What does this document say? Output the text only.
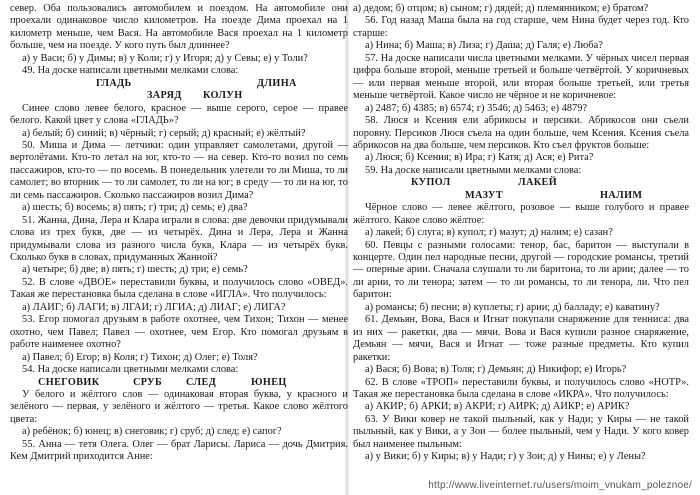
север. Оба пользовались автомобилем и поездом. На автомобиле они проехали одинаковое число километров. На поезде Дима проехал на 1 километр меньше, чем Вася. На автомобиле Вася проехал на 1 километр больше, чем на поезде. У кого путь был длиннее?

а) у Васи; б) у Димы; в) у Коли; г) у Игоря; д) у Севы; е) у Толи?

49. На доске написали цветными мелками слова:

ГЛАДЬ	ДЛИНА
ЗАРЯД КОЛУН

Синее слово левее белого, красное — выше серого, серое — правее белого. Какой цвет у слова «ГЛАДЬ»?

а) белый; б) синий; в) чёрный; г) серый; д) красный; е) жёлтый?

50. Миша и Дима — летчики: один управляет самолетами, другой — вертолётами. Кто-то летал на юг, кто-то — на север. Кто-то возил по семь пассажиров, кто-то — по восемь. В понедельник улетели то ли Миша, то ли самолет; во вторник — то ли самолет, то ли на юг; в среду — то ли на юг, то ли семь пассажиров. Сколько пассажиров возил Дима?

а) шесть; б) восемь; в) пять; г) три; д) семь; е) два?

51. Жанна, Дина, Лера и Клара играли в слова: две девочки придумывали слова из трех букв, две — из четырёх. Дина и Лера, Лера и Жанна придумывали слова из разного числа букв, Клара — из четырёх букв. Сколько букв в словах, придуманных Жанной?

а) четыре; б) две; в) пять; г) шесть; д) три; е) семь?

52. В слове «ДВОЕ» переставили буквы, и получилось слово «ОВЕД». Такая же перестановка была сделана в слове «ИГЛА». Что получилось:

а) ЛАИГ; б) ЛАГИ; в) ЛГАИ; г) ЛГИА; д) ЛИАГ; е) ЛИГА?

53. Егор помогал друзьям в работе охотнее, чем Тихон; Тихон — менее охотно, чем Павел; Павел — охотнее, чем Егор. Кто помогал друзьям в работе наименее охотно?

а) Павел; б) Егор; в) Коля; г) Тихон; д) Олег; е) Толя?

54. На доске написали цветными мелками слова:

СНЕГОВИК	СРУБ СЛЕД	ЮНЕЦ

У белого и жёлтого слов — одинаковая вторая буква, у красного и зелёного — первая, у зелёного и жёлтого — третья. Какое слово жёлтого цвета:

а) ребёнок; б) юнец; в) снеговик; г) сруб; д) след; е) сапог?

55. Анна — тетя Олега. Олег — брат Ларисы. Лариса — дочь Дмитрия. Кем Дмитрий приходится Анне:

а) дедом; б) отцом; в) сыном; г) дядей; д) племянником; е) братом?

56. Год назад Маша была на год старше, чем Нина будет через год. Кто старше:

а) Нина; б) Маша; в) Лиза; г) Даша; д) Галя; е) Люба?

57. На доске написали числа цветными мелками. У чёрных чисел первая цифра больше второй, меньше третьей и больше четвёртой. У коричневых — или первая меньше второй, или вторая больше третьей, или третья меньше четвёртой. Какое число не чёрное и не коричневое:

а) 2487; б) 4385; в) 6574; г) 3546; д) 5463; е) 4879?

58. Люся и Ксения ели абрикосы и персики. Абрикосов они съели поровну. Персиков Люся съела на один больше, чем Ксения. Ксения съела абрикосов на два больше, чем персиков. Кто съел фруктов больше:

а) Люся; б) Ксения; в) Ира; г) Катя; д) Ася; е) Рита?

59. На доске написали цветными мелками слова:

КУПОЛ	ЛАКЕЙ
МАЗУТ	НАЛИМ

Чёрное слово — левее жёлтого, розовое — выше голубого и правее жёлтого. Какое слово жёлтое:

а) лакей; б) слуга; в) купол; г) мазут; д) налим; е) сазан?

60. Певцы с разными голосами: тенор, бас, баритон — выступали в концерте. Один пел народные песни, другой — городские романсы, третий — оперные арии. Сначала слушали то ли баритона, то ли арии; далее — то ли арии, то ли тенора; затем — то ли романсы, то ли тенора, ли. Что пел баритон:

а) романсы; б) песни; в) куплеты; г) арии; д) балладу; е) каватину?

61. Демьян, Вова, Вася и Игнат покупали снаряжение для тенниса: два из них — ракетки, два — мячи. Вова и Вася купили разное снаряжение, Демьян — мячи, Вася и Игнат — тоже разные предметы. Кто купил ракетки:

а) Вася; б) Вова; в) Толя; г) Демьян; д) Никифор; е) Игорь?

62. В слове «ТРОП» переставили буквы, и получилось слово «НОТР». Такая же перестановка была сделана в слове «ИКРА». Что получилось:

а) АКИР; б) АРКИ; в) АКРИ; г) АИРК; д) АИКР; е) АРИК?

63. У Вики ковер не такой пыльный, как у Нади; у Киры — не такой пыльный, как у Вики, а у Зои — более пыльный, чем у Нади. У кого ковер был наименее пыльным:

а) у Вики; б) у Киры; в) у Нади; г) у Зои; д) у Нины; е) у Лены?

http://www.liveinternet.ru/users/moim_vnukam_poleznoe/
